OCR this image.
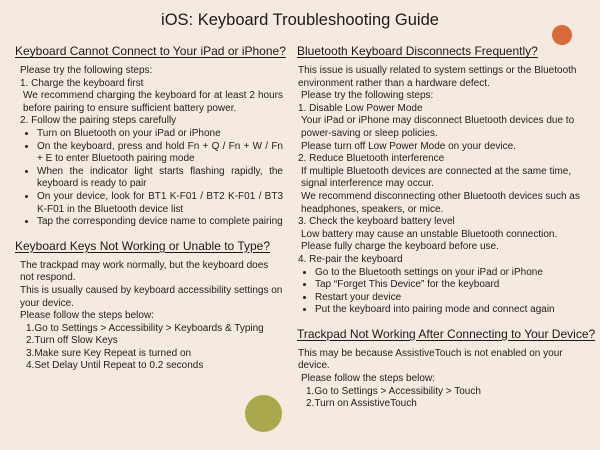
iOS: Keyboard Troubleshooting Guide
Keyboard Cannot Connect to Your iPad or iPhone?

Please try the following steps:

1. Charge the keyboard first

We recommend charging the keyboard for at least 2 hours before pairing to ensure sufficient battery power.

2. Follow the pairing steps carefully

• Turn on Bluetooth on your iPad or iPhone
• On the keyboard, press and hold Fn + Q / Fn + W / Fn + E to enter Bluetooth pairing mode
• When the indicator light starts flashing rapidly, the keyboard is ready to pair
• On your device, look for BT1 K-F01 / BT2 K-F01 / BT3 K-F01 in the Bluetooth device list
• Tap the corresponding device name to complete pairing
Keyboard Keys Not Working or Unable to Type?

The trackpad may work normally, but the keyboard does not respond.

This is usually caused by keyboard accessibility settings on your device.

Please follow the steps below:

1.Go to Settings > Accessibility > Keyboards & Typing
2.Turn off Slow Keys
3.Make sure Key Repeat is turned on
4.Set Delay Until Repeat to 0.2 seconds
Bluetooth Keyboard Disconnects Frequently?

This issue is usually related to system settings or the Bluetooth environment rather than a hardware defect.

Please try the following steps:

1. Disable Low Power Mode

Your iPad or iPhone may disconnect Bluetooth devices due to power-saving or sleep policies.

Please turn off Low Power Mode on your device.

2. Reduce Bluetooth interference

If multiple Bluetooth devices are connected at the same time, signal interference may occur.

We recommend disconnecting other Bluetooth devices such as headphones, speakers, or mice.

3. Check the keyboard battery level

Low battery may cause an unstable Bluetooth connection.

Please fully charge the keyboard before use.

4. Re-pair the keyboard

• Go to the Bluetooth settings on your iPad or iPhone
• Tap “Forget This Device” for the keyboard
• Restart your device
• Put the keyboard into pairing mode and connect again
Trackpad Not Working After Connecting to Your Device?

This may be because AssistiveTouch is not enabled on your device.

Please follow the steps below:

1.Go to Settings > Accessibility > Touch
2.Turn on AssistiveTouch
